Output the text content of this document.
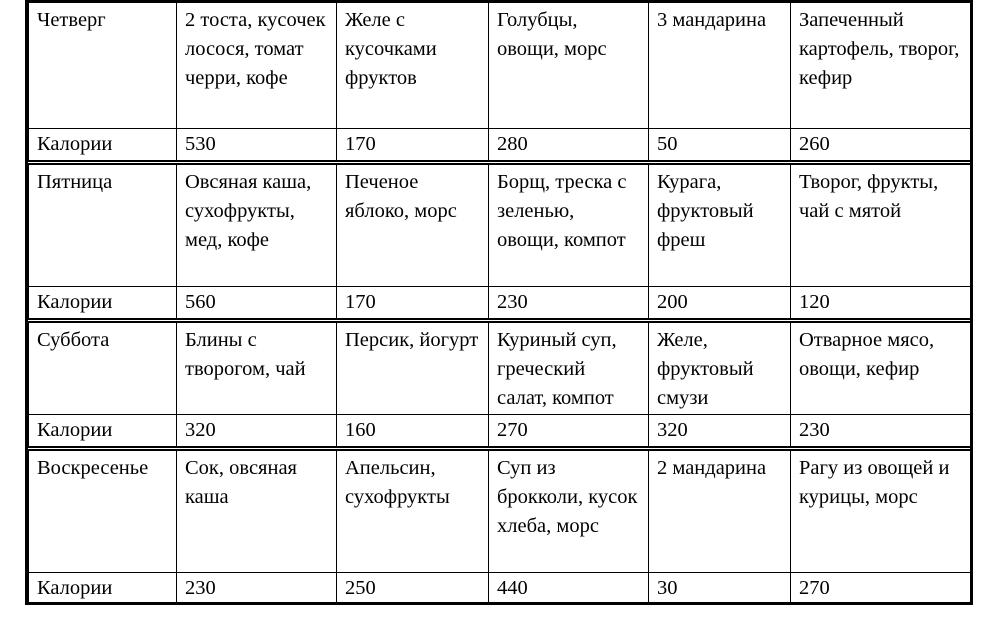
Четверг	2 тоста, кусочек лосося, томат черри, кофе	Желе с кусочками фруктов	Голубцы, овощи, морс	3 мандарина	Запеченный картофель, творог, кефир
Калории	530	170	280	50	260
Пятница	Овсяная каша, сухофрукты, мед, кофе	Печеное яблоко, морс	Борщ, треска с зеленью, овощи, компот	Курага, фруктовый фреш	Творог, фрукты, чай с мятой
Калории	560	170	230	200	120
Суббота	Блины с творогом, чай	Персик, йогурт	Куриный суп, греческий салат, компот	Желе, фруктовый смузи	Отварное мясо, овощи, кефир
Калории	320	160	270	320	230
Воскресенье	Сок, овсяная каша	Апельсин, сухофрукты	Суп из брокколи, кусок хлеба, морс	2 мандарина	Рагу из овощей и курицы, морс
Калории	230	250	440	30	270
